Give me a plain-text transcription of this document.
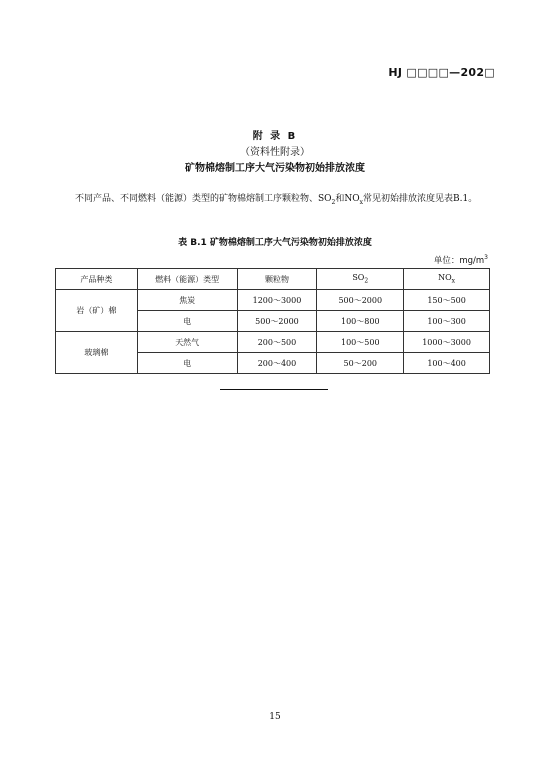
HJ □□□□—202□
附 录 B
（资料性附录）
矿物棉熔制工序大气污染物初始排放浓度

不同产品、不同燃料（能源）类型的矿物棉熔制工序颗粒物、$SO_2$和$NO_x$常见初始排放浓度见表B.1。

表 B.1 矿物棉熔制工序大气污染物初始排放浓度
单位：$mg/m^3$
产品种类	燃料（能源）类型	颗粒物	$SO_2$	$NO_x$
岩（矿）棉	焦炭	1200～3000	500～2000	150～500
	电	500～2000	100～800	100～300
玻璃棉	天然气	200～500	100～500	1000～3000
	电	200～400	50～200	100～400
15
